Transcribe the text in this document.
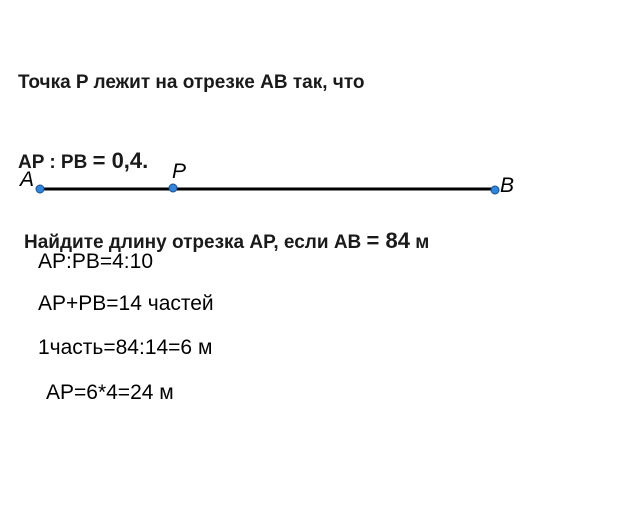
Точка P лежит на отрезке AB так, что

AP : PB = 0,4.

Найдите длину отрезка AP, если AB = 84 м

A	P
B
AP:PB=4:10
AP+PB=14 частей
1часть=84:14=6 м
AP=6*4=24 м
